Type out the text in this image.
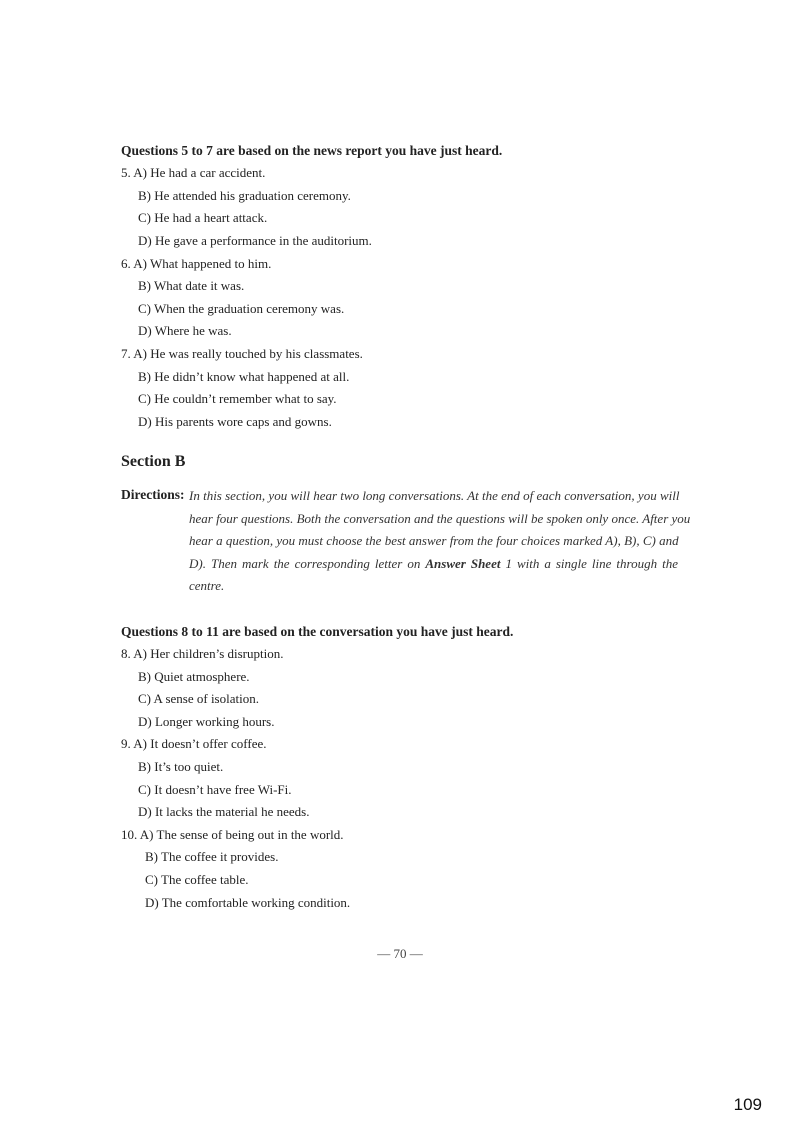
Questions 5 to 7 are based on the news report you have just heard.
5. A) He had a car accident.
B) He attended his graduation ceremony.
C) He had a heart attack.
D) He gave a performance in the auditorium.
6. A) What happened to him.
B) What date it was.
C) When the graduation ceremony was.
D) Where he was.
7. A) He was really touched by his classmates.
B) He didn’t know what happened at all.
C) He couldn’t remember what to say.
D) His parents wore caps and gowns.
Section B
Directions: In this section, you will hear two long conversations. At the end of each conversation, you will
hear four questions. Both the conversation and the questions will be spoken only once. After you
hear a question, you must choose the best answer from the four choices marked A), B), C) and
D). Then mark the corresponding letter on Answer Sheet 1 with a single line through the
centre.
Questions 8 to 11 are based on the conversation you have just heard.
8. A) Her children’s disruption.
B) Quiet atmosphere.
C) A sense of isolation.
D) Longer working hours.
9. A) It doesn’t offer coffee.
B) It’s too quiet.
C) It doesn’t have free Wi-Fi.
D) It lacks the material he needs.
10. A) The sense of being out in the world.
B) The coffee it provides.
C) The coffee table.
D) The comfortable working condition.
— 70 —
109
